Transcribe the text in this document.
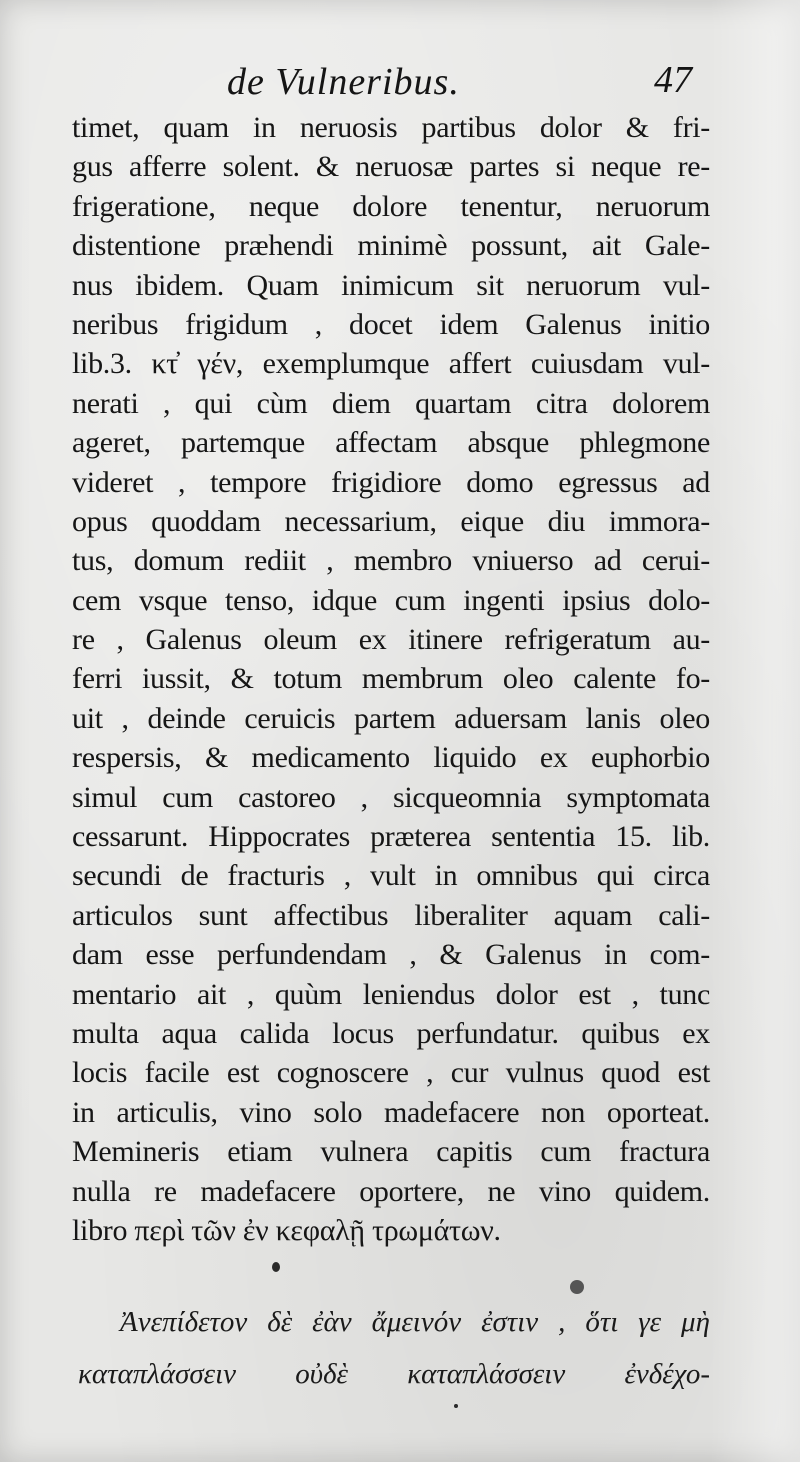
de Vulneribus.	47
timet, quam in neruosis partibus dolor & fri-
gus afferre solent. & neruosæ partes si neque re-
frigeratione, neque dolore tenentur, neruorum
distentione præhendi minimè possunt, ait Gale-
nus ibidem. Quam inimicum sit neruorum vul-
neribus frigidum , docet idem Galenus initio
lib.3. κτ̓ γέν, exemplumque affert cuiusdam vul-
nerati , qui cùm diem quartam citra dolorem
ageret, partemque affectam absque phlegmone
videret , tempore frigidiore domo egressus ad
opus quoddam necessarium, eique diu immora-
tus, domum rediit , membro vniuerso ad cerui-
cem vsque tenso, idque cum ingenti ipsius dolo-
re , Galenus oleum ex itinere refrigeratum au-
ferri iussit, & totum membrum oleo calente fo-
uit , deinde ceruicis partem aduersam lanis oleo
respersis, & medicamento liquido ex euphorbio
simul cum castoreo , sicqueomnia symptomata
cessarunt. Hippocrates præterea sententia 15. lib.
secundi de fracturis , vult in omnibus qui circa
articulos sunt affectibus liberaliter aquam cali-
dam esse perfundendam , & Galenus in com-
mentario ait , quùm leniendus dolor est , tunc
multa aqua calida locus perfundatur. quibus ex
locis facile est cognoscere , cur vulnus quod est
in articulis, vino solo madefacere non oporteat.
Memineris etiam vulnera capitis cum fractura
nulla re madefacere oportere, ne vino quidem.
libro περὶ τῶν ἐν κεφαλῇ τρωμάτων.
Ἀνεπίδετον δὲ ἐὰν ἄμεινόν ἐστιν , ὅτι γε μὴ
καταπλάσσειν οὐδὲ καταπλάσσειν ἐνδέχο-
